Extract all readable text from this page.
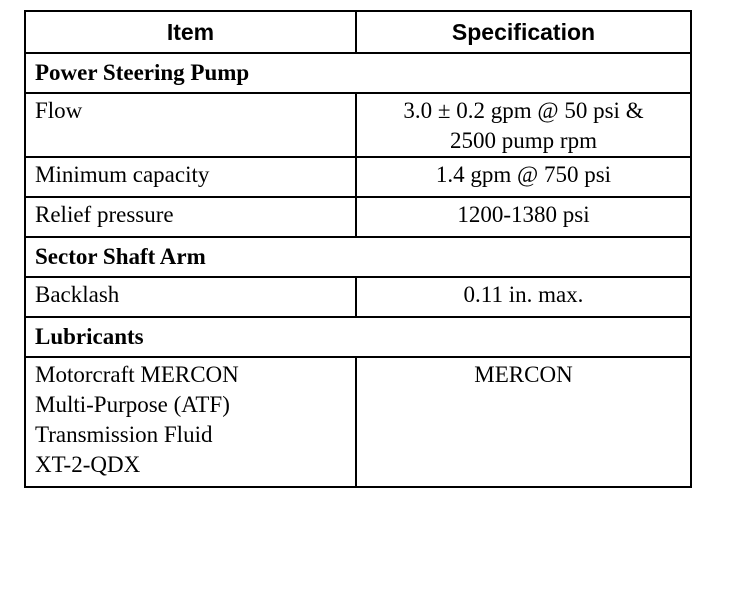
Item	Specification
Power Steering Pump	

Flow	3.0 ± 0.2 gpm @ 50 psi &
2500 pump rpm

Minimum capacity	1.4 gpm @ 750 psi

Relief pressure	1200-1380 psi

Sector Shaft Arm	

Backlash	0.11 in. max.

Lubricants	

Motorcraft MERCON
Multi-Purpose (ATF)
Transmission Fluid
XT-2-QDX	MERCON
